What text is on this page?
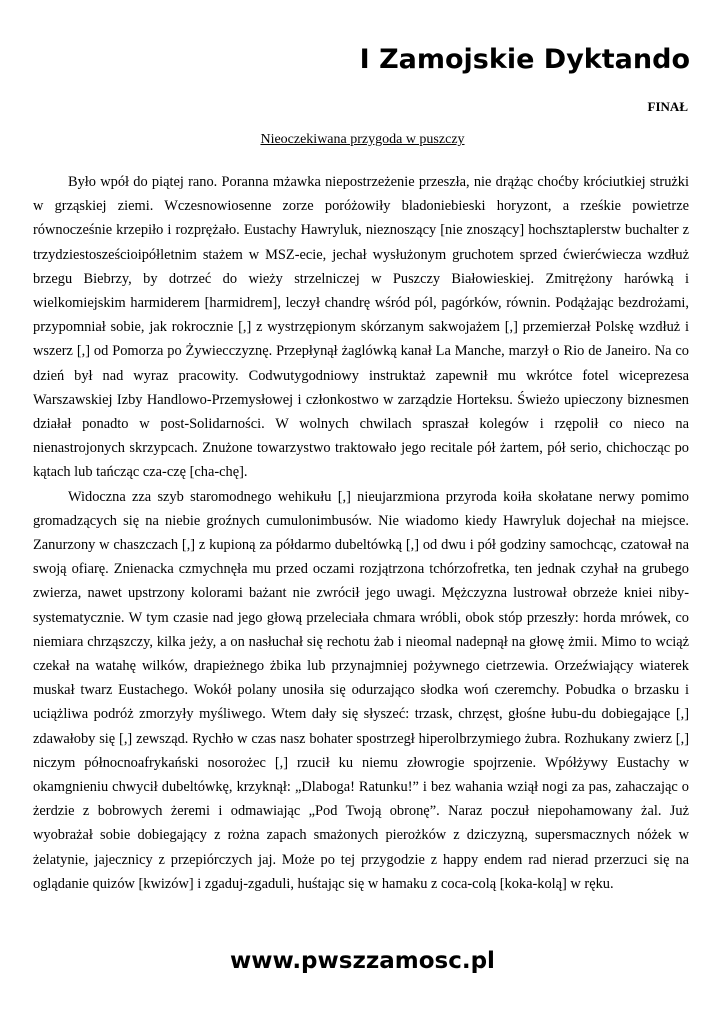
I Zamojskie Dyktando
FINAŁ
Nieoczekiwana przygoda w puszczy

Było wpół do piątej rano. Poranna mżawka niepostrzeżenie przeszła, nie drążąc choćby króciutkiej strużki w grząskiej ziemi. Wczesnowiosenne zorze poróżowiły bladoniebieski horyzont, a rześkie powietrze równocześnie krzepiło i rozprężało. Eustachy Hawryluk, nieznoszący [nie znoszący] hochsztaplerstw buchalter z trzydziestosześcioipółletnim stażem w MSZ-ecie, jechał wysłużonym gruchotem sprzed ćwierćwiecza wzdłuż brzegu Biebrzy, by dotrzeć do wieży strzelniczej w Puszczy Białowieskiej. Zmitrężony harówką i wielkomiejskim harmiderem [harmidrem], leczył chandrę wśród pól, pagórków, równin. Podążając bezdrożami, przypomniał sobie, jak rokrocznie [,] z wystrzępionym skórzanym sakwojażem [,] przemierzał Polskę wzdłuż i wszerz [,] od Pomorza po Żywiecczyznę. Przepłynął żaglówką kanał La Manche, marzył o Rio de Janeiro. Na co dzień był nad wyraz pracowity. Codwutygodniowy instruktaż zapewnił mu wkrótce fotel wiceprezesa Warszawskiej Izby Handlowo-Przemysłowej i członkostwo w zarządzie Horteksu. Świeżo upieczony biznesmen działał ponadto w post-Solidarności. W wolnych chwilach spraszał kolegów i rzępolił co nieco na nienastrojonych skrzypcach. Znużone towarzystwo traktowało jego recitale pół żartem, pół serio, chichocząc po kątach lub tańcząc cza-czę [cha-chę].

Widoczna zza szyb staromodnego wehikułu [,] nieujarzmiona przyroda koiła skołatane nerwy pomimo gromadzących się na niebie groźnych cumulonimbusów. Nie wiadomo kiedy Hawryluk dojechał na miejsce. Zanurzony w chaszczach [,] z kupioną za półdarmo dubeltówką [,] od dwu i pół godziny samochcąc, czatował na swoją ofiarę. Znienacka czmychnęła mu przed oczami rozjątrzona tchórzofretka, ten jednak czyhał na grubego zwierza, nawet upstrzony kolorami bażant nie zwrócił jego uwagi. Mężczyzna lustrował obrzeże kniei niby-systematycznie. W tym czasie nad jego głową przeleciała chmara wróbli, obok stóp przeszły: horda mrówek, co niemiara chrząszczy, kilka jeży, a on nasłuchał się rechotu żab i nieomal nadepnął na głowę żmii. Mimo to wciąż czekał na watahę wilków, drapieżnego żbika lub przynajmniej pożywnego cietrzewia. Orzeźwiający wiaterek muskał twarz Eustachego. Wokół polany unosiła się odurzająco słodka woń czeremchy. Pobudka o brzasku i uciążliwa podróż zmorzyły myśliwego. Wtem dały się słyszeć: trzask, chrzęst, głośne łubu-du dobiegające [,] zdawałoby się [,] zewsząd. Rychło w czas nasz bohater spostrzegł hiperolbrzymiego żubra. Rozhukany zwierz [,] niczym północnoafrykański nosorożec [,] rzucił ku niemu złowrogie spojrzenie. Wpółżywy Eustachy w okamgnieniu chwycił dubeltówkę, krzyknął: „Dlaboga! Ratunku!” i bez wahania wziął nogi za pas, zahaczając o żerdzie z bobrowych żeremi i odmawiając „Pod Twoją obronę”. Naraz poczuł niepohamowany żal. Już wyobrażał sobie dobiegający z rożna zapach smażonych pierożków z dziczyzną, supersmacznych nóżek w żelatynie, jajecznicy z przepiórczych jaj. Może po tej przygodzie z happy endem rad nierad przerzuci się na oglądanie quizów [kwizów] i zgaduj-zgaduli, huśtając się w hamaku z coca-colą [koka-kolą] w ręku.

www.pwszzamosc.pl
